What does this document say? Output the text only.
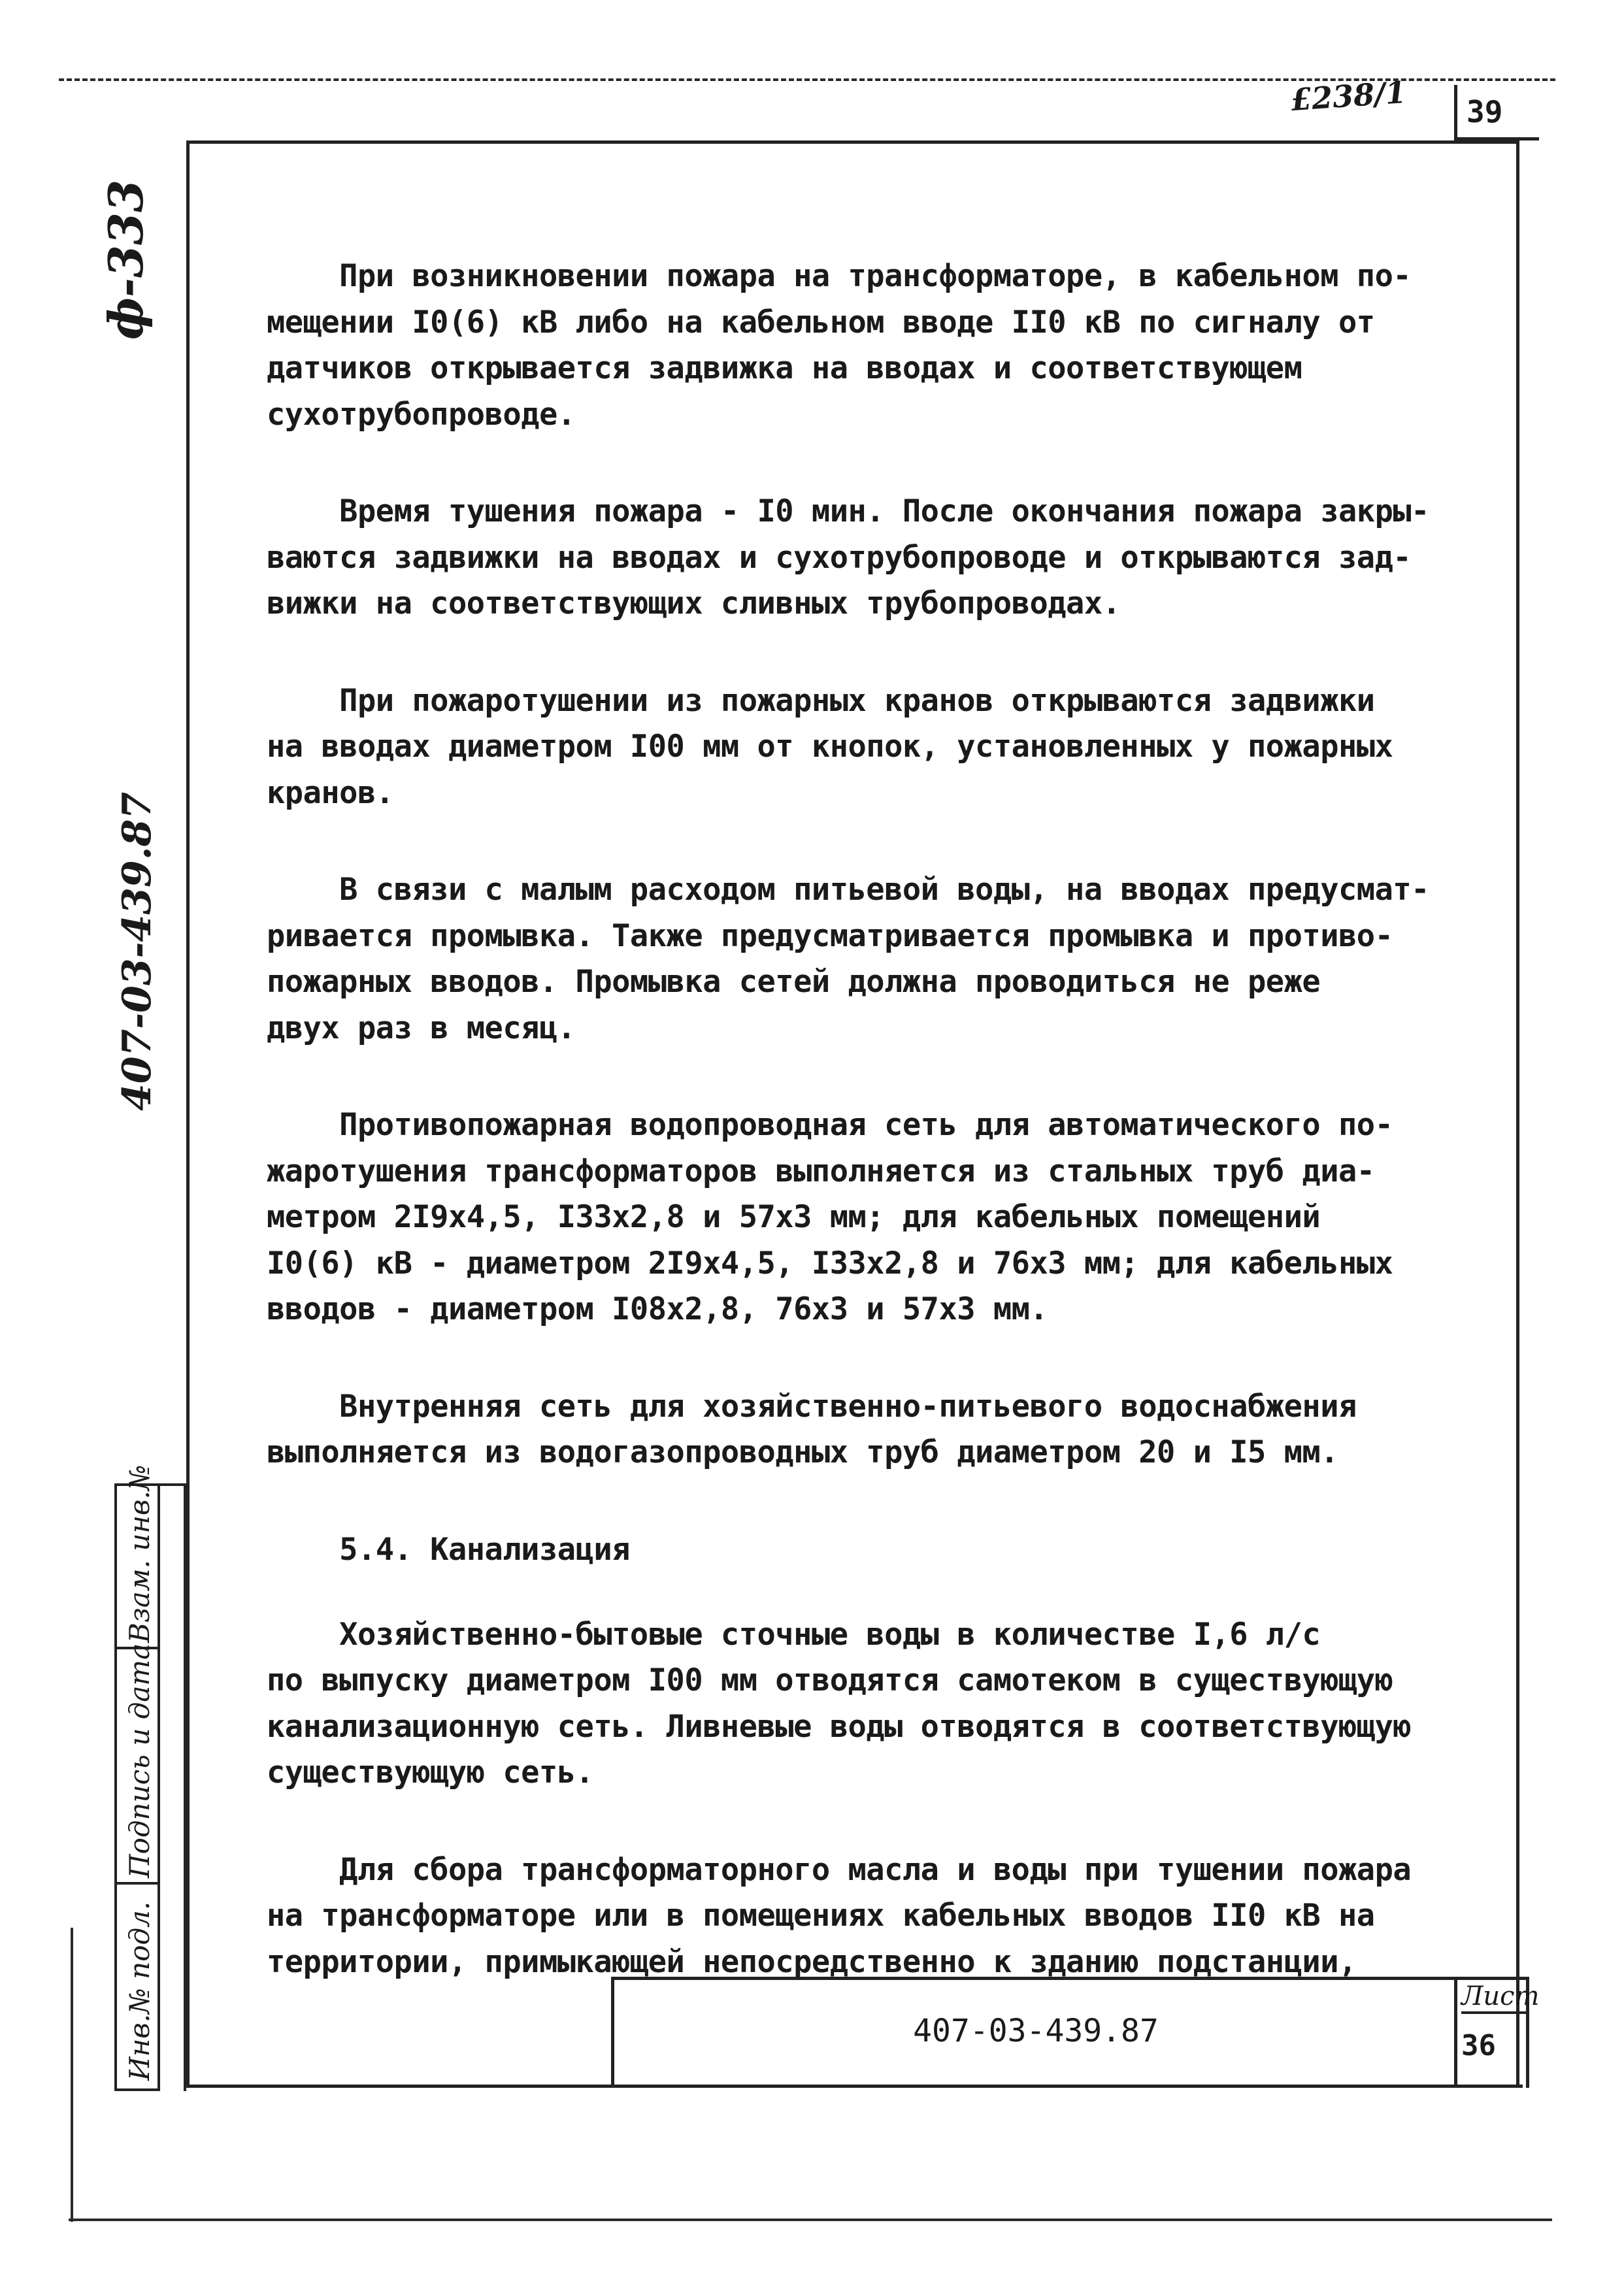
£238/1 39
ф-333
407-03-439.87
Взам. инв.№
Подпись и дата
Инв.№ подл.

При возникновении пожара на трансформаторе, в кабельном по-
мещении I0(6) кВ либо на кабельном вводе II0 кВ по сигналу от
датчиков открывается задвижка на вводах и соответствующем
сухотрубопроводе.

Время тушения пожара - I0 мин. После окончания пожара закры-
ваются задвижки на вводах и сухотрубопроводе и открываются зад-
вижки на соответствующих сливных трубопроводах.

При пожаротушении из пожарных кранов открываются задвижки
на вводах диаметром I00 мм от кнопок, установленных у пожарных
кранов.

В связи с малым расходом питьевой воды, на вводах предусмат-
ривается промывка. Также предусматривается промывка и противо-
пожарных вводов. Промывка сетей должна проводиться не реже
двух раз в месяц.

Противопожарная водопроводная сеть для автоматического по-
жаротушения трансформаторов выполняется из стальных труб диа-
метром 2I9x4,5, I33x2,8 и 57x3 мм; для кабельных помещений
I0(6) кВ - диаметром 2I9x4,5, I33x2,8 и 76x3 мм; для кабельных
вводов - диаметром I08x2,8, 76x3 и 57x3 мм.

Внутренняя сеть для хозяйственно-питьевого водоснабжения
выполняется из водогазопроводных труб диаметром 20 и I5 мм.

5.4. Канализация

Хозяйственно-бытовые сточные воды в количестве I,6 л/с
по выпуску диаметром I00 мм отводятся самотеком в существующую
канализационную сеть. Ливневые воды отводятся в соответствующую
существующую сеть.

Для сбора трансформаторного масла и воды при тушении пожара
на трансформаторе или в помещениях кабельных вводов II0 кВ на
территории, примыкающей непосредственно к зданию подстанции,

407-03-439.87
Лист
36
